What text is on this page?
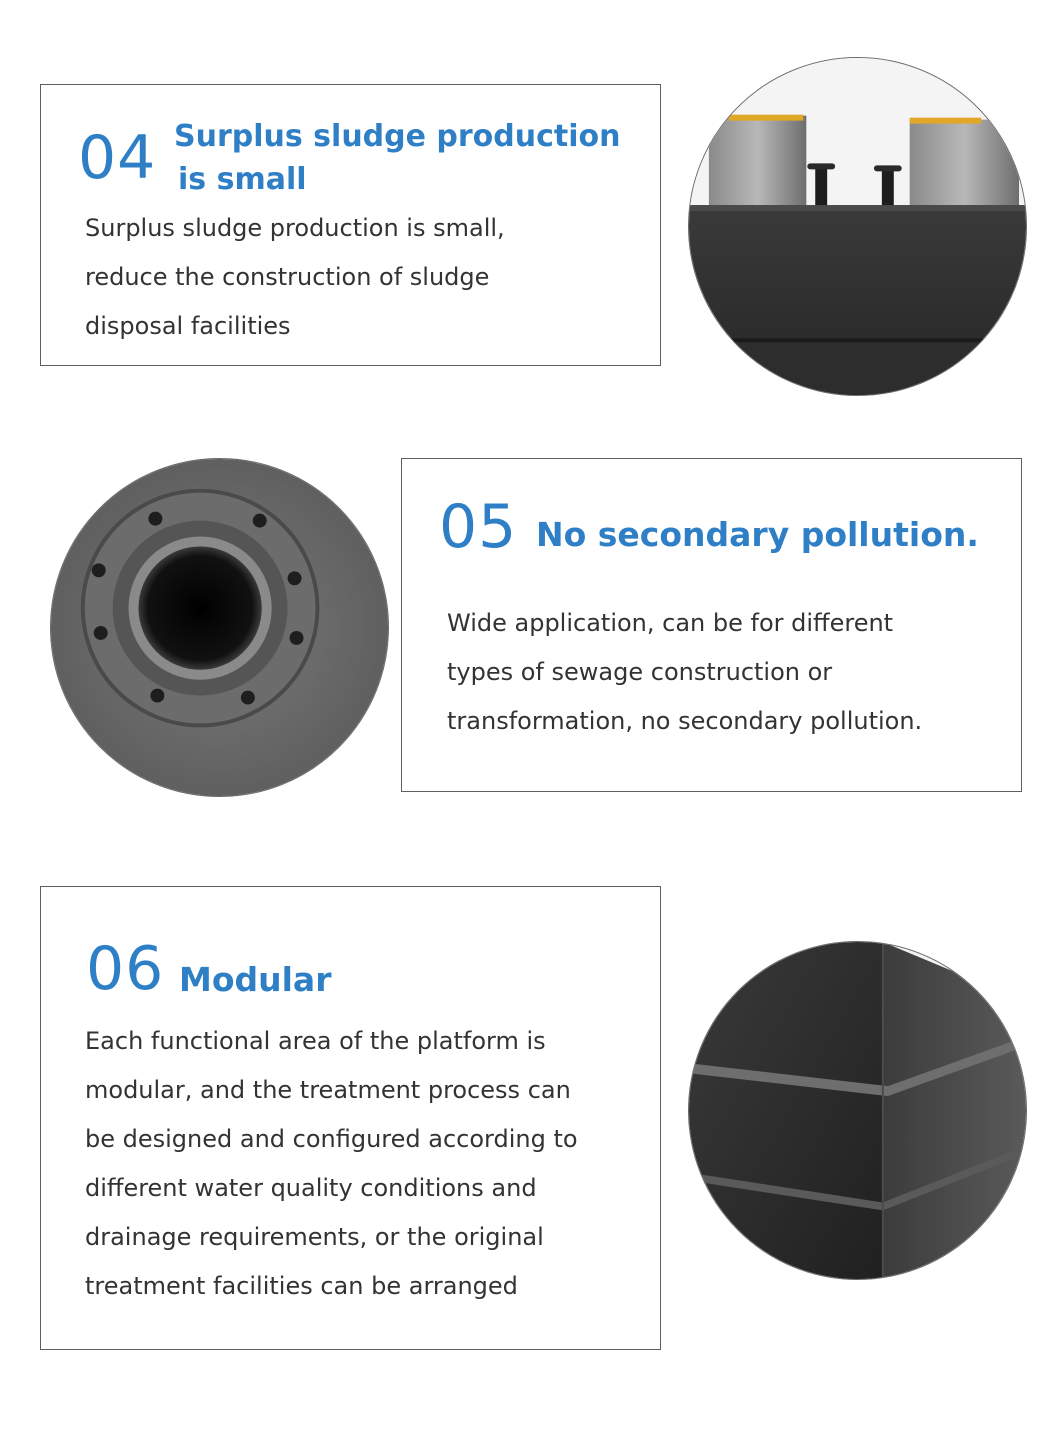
04 Surplus sludge production
is small
Surplus sludge production is small,
reduce the construction of sludge
disposal facilities
05 No secondary pollution.
Wide application, can be for different
types of sewage construction or
transformation, no secondary pollution.
06 Modular
Each functional area of the platform is
modular, and the treatment process can
be designed and configured according to
different water quality conditions and
drainage requirements, or the original
treatment facilities can be arranged
